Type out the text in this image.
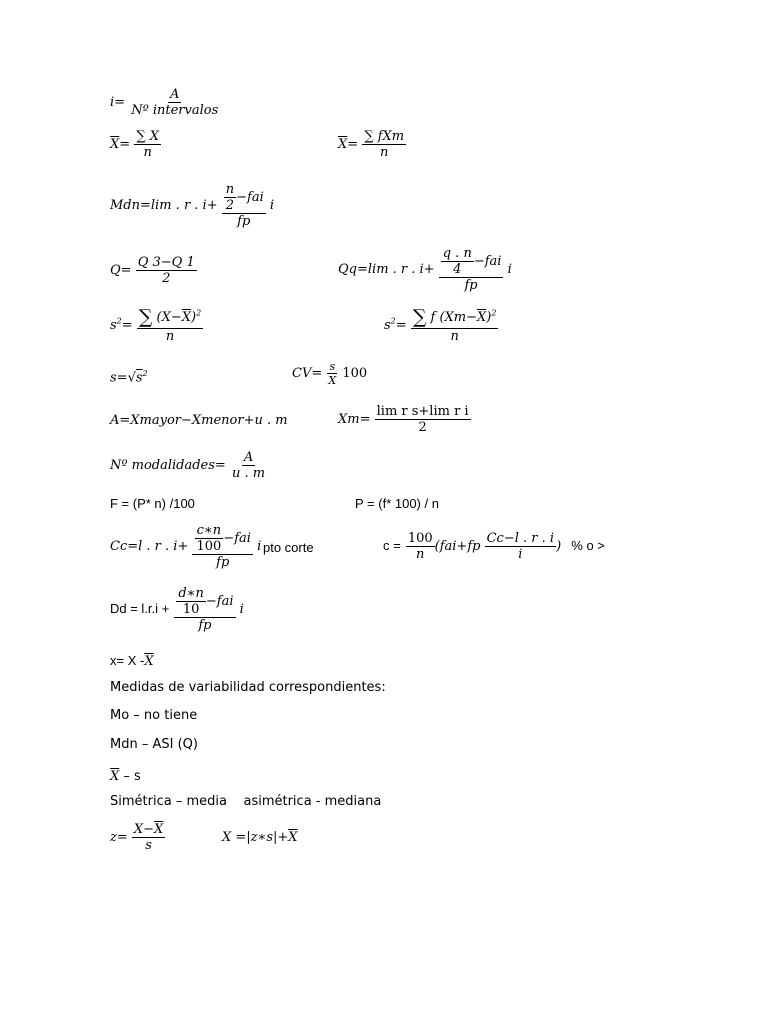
$i= \frac{A}{\text{Nº intervalos}}$
$\overline{X}= \frac{\sum X}{n}$	$\overline{X}= \frac{\text{∑ fXm}}{n}$
Mdn=lim . r . $i+ \frac{\frac{n}{2} -fai}{fp}$ i
$Q= \frac{Q 3-Q 1}{2}$	Qq=lim . r . $i+ \frac{\frac{q . n}{4} -fai}{fp}$ i
$s^2= \frac{\sum (X-\overline{X})^2}{n}$	$s^2= \frac{\sum f (Xm-\overline{X})^2}{n}$
$s=√s^2$	$CV= \frac{s}{X} 100$
A=Xmayor−Xmenor+u . m	$Xm= \frac{\text{lim r s+lim r i}}{2}$
Nº modalidades= $\frac{A}{u . m}$
F = (P* n) /100	P = (f* 100) / n
Cc=l . r . $i+ \frac{\frac{c∗n}{100} -fai}{fp}$ i pto corte	$c = \frac{100}{n} (fai+fp \frac{Cc-l . r . i}{i}$ ) % o >
$Dd = l.r.i + \frac{\frac{d∗n}{10} -fai}{fp}$ i
x= X $-\overline{X}$
Medidas de variabilidad correspondientes:
Mo – no tiene
Mdn – ASI (Q)
$\overline{X}$ – s
Simétrica – media    asimétrica - mediana
$z= \frac{X-\overline{X}}{s}$	$X =|z∗s|+\overline{X}$
